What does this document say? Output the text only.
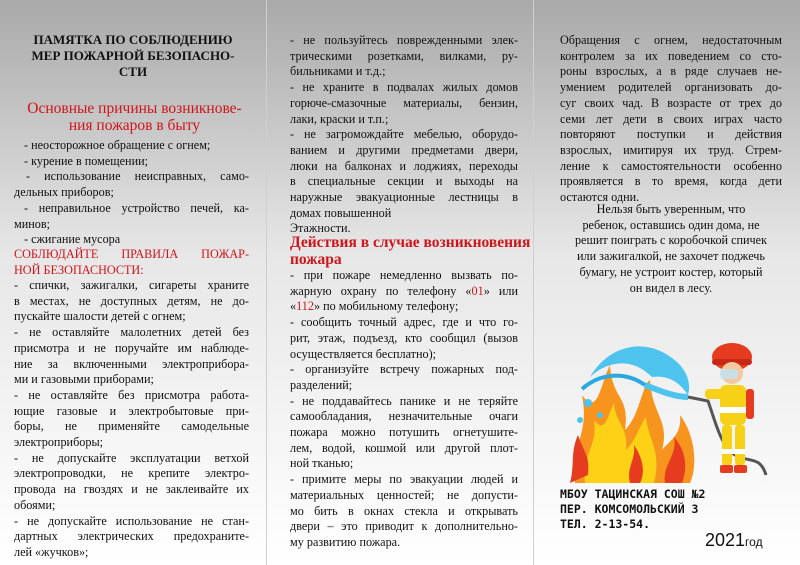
ПАМЯТКА ПО СОБЛЮДЕНИЮ
МЕР ПОЖАРНОЙ БЕЗОПАСНО-
СТИ
Основные причины возникнове-
ния пожаров в быту
- неосторожное обращение с огнем;
- курение в помещении;
- использование неисправных, само-
дельных приборов;
- неправильное устройство печей, ка-
минов;
- сжигание мусора
СОБЛЮДАЙТЕ ПРАВИЛА ПОЖАР-
НОЙ БЕЗОПАСНОСТИ:
- спички, зажигалки, сигареты храните
в местах, не доступных детям, не до-
пускайте шалости детей с огнем;
- не оставляйте малолетних детей без
присмотра и не поручайте им наблюде-
ние за включенными электроприбора-
ми и газовыми приборами;
- не оставляйте без присмотра работа-
ющие газовые и электробытовые при-
боры, не применяйте самодельные
электроприборы;
- не допускайте эксплуатации ветхой
электропроводки, не крепите электро-
провода на гвоздях и не заклеивайте их
обоями;
- не допускайте использование не стан-
дартных электрических предохраните-
лей «жучков»;
- не пользуйтесь поврежденными элек-
трическими розетками, вилками, ру-
бильниками и т.д.;
- не храните в подвалах жилых домов
горюче-смазочные материалы, бензин,
лаки, краски и т.п.;
- не загромождайте мебелью, оборудо-
ванием и другими предметами двери,
люки на балконах и лоджиях, переходы
в специальные секции и выходы на
наружные эвакуационные лестницы в
домах повышенной
Этажности.
Действия в случае возникновения
пожара
- при пожаре немедленно вызвать по-
жарную охрану по телефону «01» или
«112» по мобильному телефону;
- сообщить точный адрес, где и что го-
рит, этаж, подъезд, кто сообщил (вызов
осуществляется бесплатно);
- организуйте встречу пожарных под-
разделений;
- не поддавайтесь панике и не теряйте
самообладания, незначительные очаги
пожара можно потушить огнетушите-
лем, водой, кошмой или другой плот-
ной тканью;
- примите меры по эвакуации людей и
материальных ценностей; не допусти-
мо бить в окнах стекла и открывать
двери – это приводит к дополнительно-
му развитию пожара.
Обращения с огнем, недостаточным
контролем за их поведением со сто-
роны взрослых, а в ряде случаев не-
умением родителей организовать до-
суг своих чад. В возрасте от трех до
семи лет дети в своих играх часто
повторяют поступки и действия
взрослых, имитируя их труд. Стрем-
ление к самостоятельности особенно
проявляется в то время, когда дети
остаются одни.
Нельзя быть уверенным, что
ребенок, оставшись один дома, не
решит поиграть с коробочкой спичек
или зажигалкой, не захочет поджечь
бумагу, не устроит костер, который
он видел в лесу.
МБОУ ТАЦИНСКАЯ СОШ №2
ПЕР. КОМСОМОЛЬСКИЙ 3
ТЕЛ. 2-13-54.
2021год
